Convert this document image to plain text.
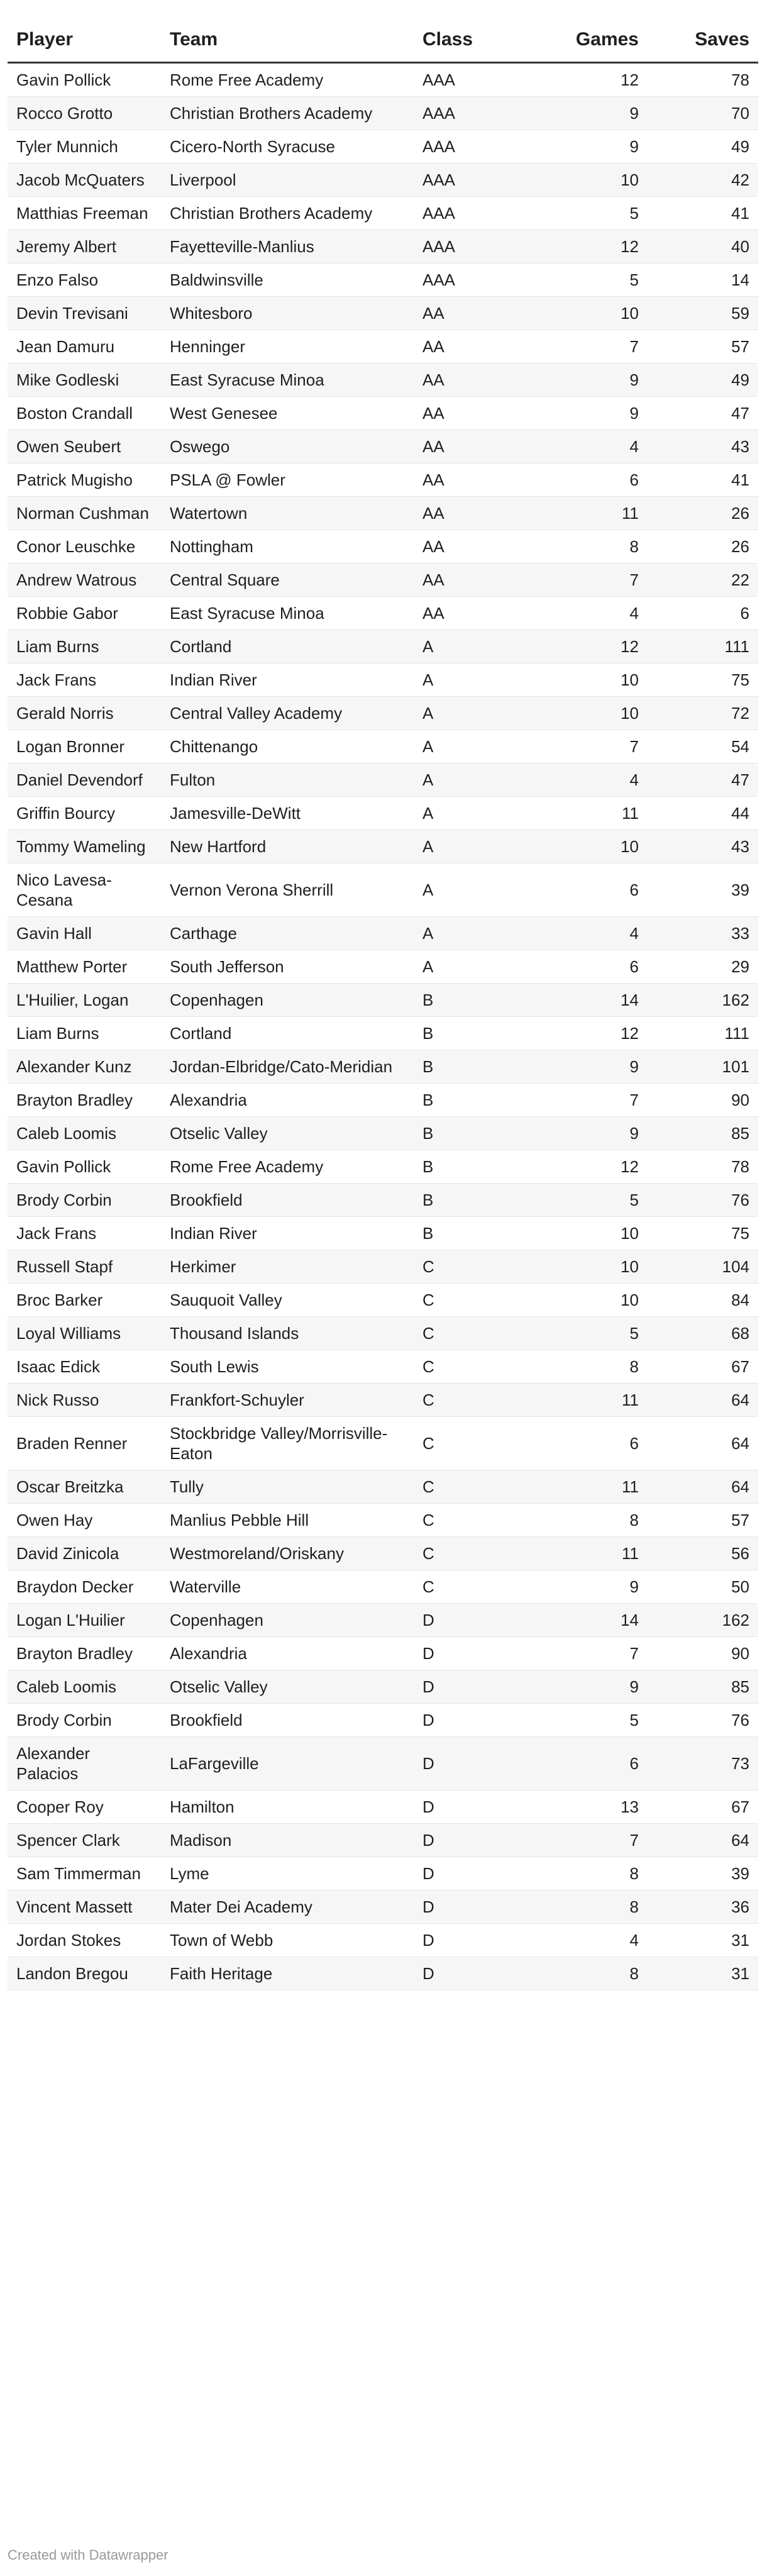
Player	Team	Class	Games	Saves
Gavin Pollick	Rome Free Academy	AAA	12	78
Rocco Grotto	Christian Brothers Academy	AAA	9	70
Tyler Munnich	Cicero-North Syracuse	AAA	9	49
Jacob McQuaters	Liverpool	AAA	10	42
Matthias Freeman	Christian Brothers Academy	AAA	5	41
Jeremy Albert	Fayetteville-Manlius	AAA	12	40
Enzo Falso	Baldwinsville	AAA	5	14
Devin Trevisani	Whitesboro	AA	10	59
Jean Damuru	Henninger	AA	7	57
Mike Godleski	East Syracuse Minoa	AA	9	49
Boston Crandall	West Genesee	AA	9	47
Owen Seubert	Oswego	AA	4	43
Patrick Mugisho	PSLA @ Fowler	AA	6	41
Norman Cushman	Watertown	AA	11	26
Conor Leuschke	Nottingham	AA	8	26
Andrew Watrous	Central Square	AA	7	22
Robbie Gabor	East Syracuse Minoa	AA	4	6
Liam Burns	Cortland	A	12	111
Jack Frans	Indian River	A	10	75
Gerald Norris	Central Valley Academy	A	10	72
Logan Bronner	Chittenango	A	7	54
Daniel Devendorf	Fulton	A	4	47
Griffin Bourcy	Jamesville-DeWitt	A	11	44
Tommy Wameling	New Hartford	A	10	43
Nico Lavesa-Cesana	Vernon Verona Sherrill	A	6	39
Gavin Hall	Carthage	A	4	33
Matthew Porter	South Jefferson	A	6	29
L'Huilier, Logan	Copenhagen	B	14	162
Liam Burns	Cortland	B	12	111
Alexander Kunz	Jordan-Elbridge/Cato-Meridian	B	9	101
Brayton Bradley	Alexandria	B	7	90
Caleb Loomis	Otselic Valley	B	9	85
Gavin Pollick	Rome Free Academy	B	12	78
Brody Corbin	Brookfield	B	5	76
Jack Frans	Indian River	B	10	75
Russell Stapf	Herkimer	C	10	104
Broc Barker	Sauquoit Valley	C	10	84
Loyal Williams	Thousand Islands	C	5	68
Isaac Edick	South Lewis	C	8	67
Nick Russo	Frankfort-Schuyler	C	11	64
Braden Renner	Stockbridge Valley/Morrisville-Eaton	C	6	64
Oscar Breitzka	Tully	C	11	64
Owen Hay	Manlius Pebble Hill	C	8	57
David Zinicola	Westmoreland/Oriskany	C	11	56
Braydon Decker	Waterville	C	9	50
Logan L'Huilier	Copenhagen	D	14	162
Brayton Bradley	Alexandria	D	7	90
Caleb Loomis	Otselic Valley	D	9	85
Brody Corbin	Brookfield	D	5	76
Alexander Palacios	LaFargeville	D	6	73
Cooper Roy	Hamilton	D	13	67
Spencer Clark	Madison	D	7	64
Sam Timmerman	Lyme	D	8	39
Vincent Massett	Mater Dei Academy	D	8	36
Jordan Stokes	Town of Webb	D	4	31
Landon Bregou	Faith Heritage	D	8	31
Created with Datawrapper
